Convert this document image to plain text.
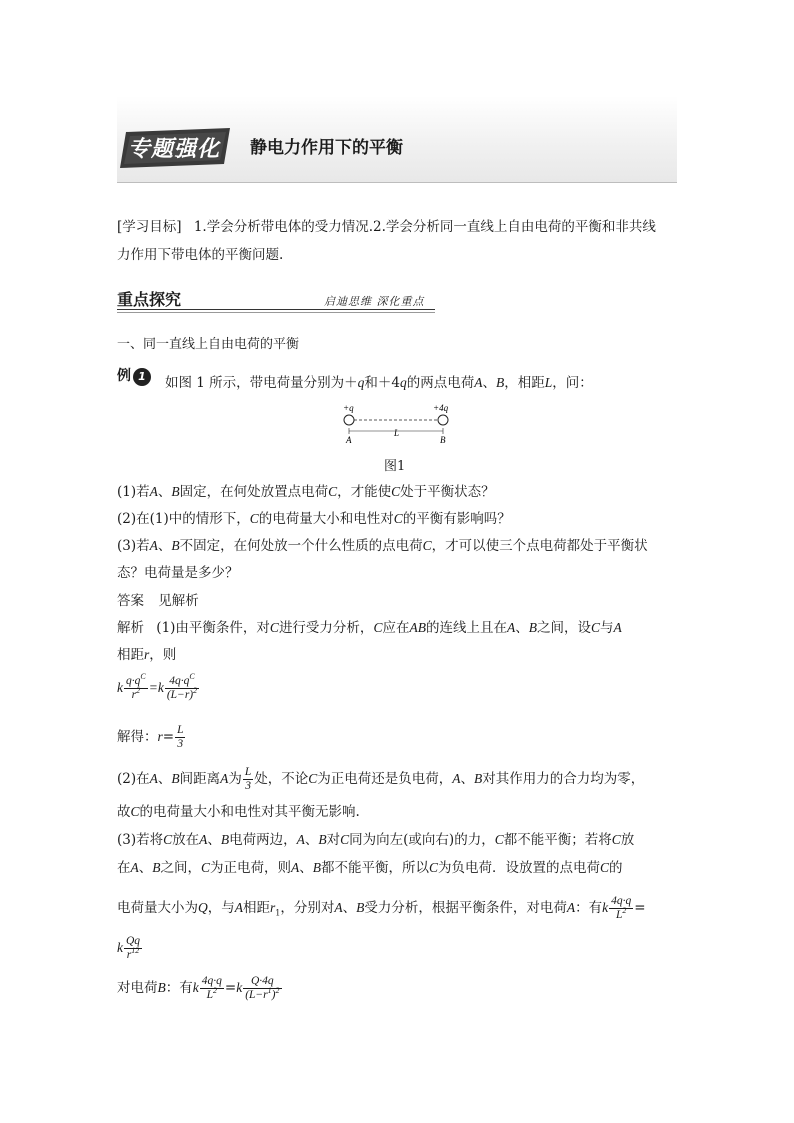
专题强化 静电力作用下的平衡
[学习目标] 1.学会分析带电体的受力情况.2.学会分析同一直线上自由电荷的平衡和非共线
力作用下带电体的平衡问题.
重点探究	启迪思维 深化重点
一、同一直线上自由电荷的平衡
例 1	如图 1 所示，带电荷量分别为＋q和＋4q的两点电荷A、B，相距L，问：
+q	+4q
A
L
B
图1
(1)若A、B固定，在何处放置点电荷C，才能使C处于平衡状态？
(2)在(1)中的情形下，C的电荷量大小和电性对C的平衡有影响吗？
(3)若A、B不固定，在何处放一个什么性质的点电荷C，才可以使三个点电荷都处于平衡状
态？电荷量是多少？
答案 见解析
解析 (1)由平衡条件，对C进行受力分析，C应在AB的连线上且在A、B之间，设C与A
相距r，则
k $\frac{q\cdot q^C}{r^2} =k \frac{4q\cdot q^C}{(L-r)^2}$
解得：$r= \frac{L}{3}$
(2)在A、B间距离A为 $\frac{L}{3}$ 处，不论C为正电荷还是负电荷，A、B对其作用力的合力均为零，
故C的电荷量大小和电性对其平衡无影响.
(3)若将C放在A、B电荷两边，A、B对C同为向左(或向右)的力，C都不能平衡；若将C放
在A、B之间，C为正电荷，则A、B都不能平衡，所以C为负电荷．设放置的点电荷C的
电荷量大小为Q，与A相距$r_1$，分别对A、B受力分析，根据平衡条件，对电荷A：有k $\frac{4q\cdot q}{L^2}$ =
k $\frac{Qq}{r^{12}}$
对电荷B：有k $\frac{4q\cdot q}{L^2} =k \frac{Q\cdot 4q}{(L-r^1)^2}$
